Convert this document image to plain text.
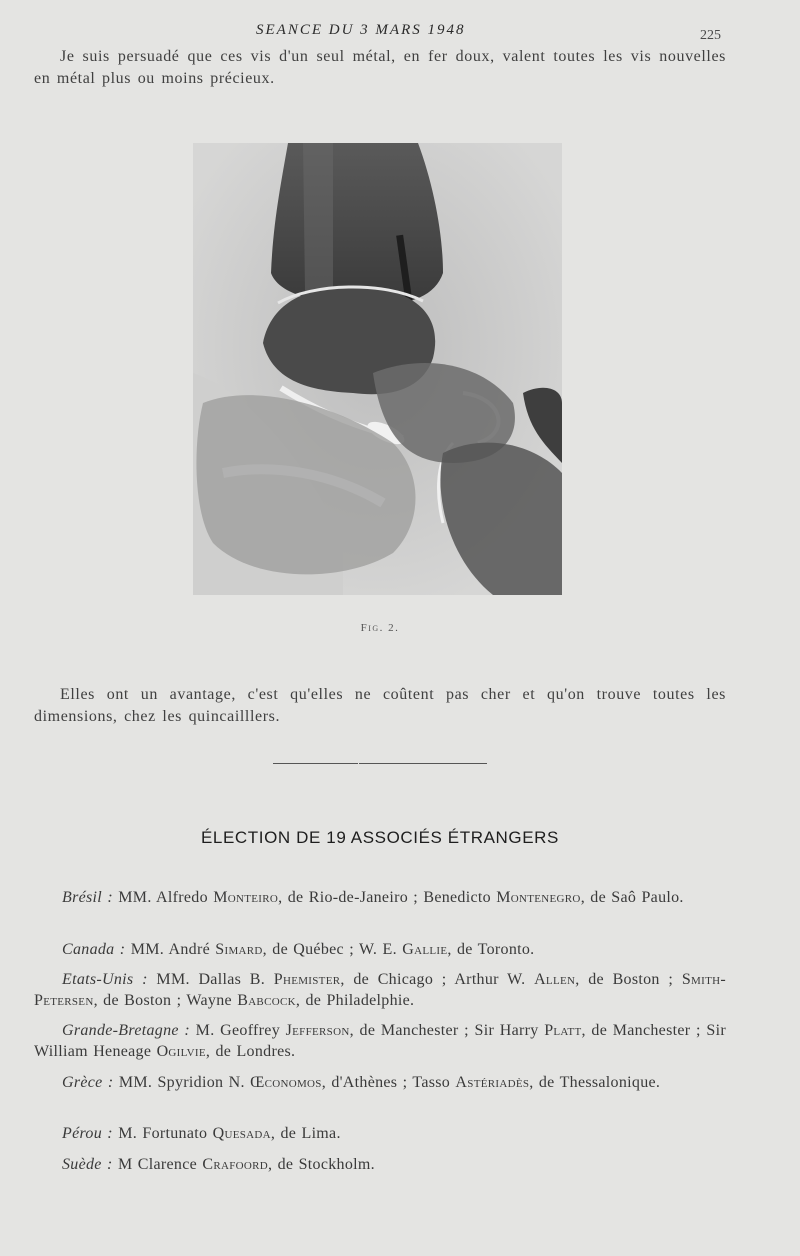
SEANCE DU 3 MARS 1948	225

Je suis persuadé que ces vis d'un seul métal, en fer doux, valent toutes les vis nouvelles en métal plus ou moins précieux.

Fig. 2.

Elles ont un avantage, c'est qu'elles ne coûtent pas cher et qu'on trouve toutes les dimensions, chez les quincailllers.

ÉLECTION DE 19 ASSOCIÉS ÉTRANGERS
Brésil : MM. Alfredo Monteiro, de Rio-de-Janeiro ; Benedicto Montenegro, de Saô Paulo.
Canada : MM. André Simard, de Québec ; W. E. Gallie, de Toronto.
Etats-Unis : MM. Dallas B. Phemister, de Chicago ; Arthur W. Allen, de Boston ; Smith-Petersen, de Boston ; Wayne Babcock, de Philadelphie.
Grande-Bretagne : M. Geoffrey Jefferson, de Manchester ; Sir Harry Platt, de Manchester ; Sir William Heneage Ogilvie, de Londres.
Grèce : MM. Spyridion N. Œconomos, d'Athènes ; Tasso Astériadès, de Thessalonique.
Pérou : M. Fortunato Quesada, de Lima.
Suède : M Clarence Crafoord, de Stockholm.
